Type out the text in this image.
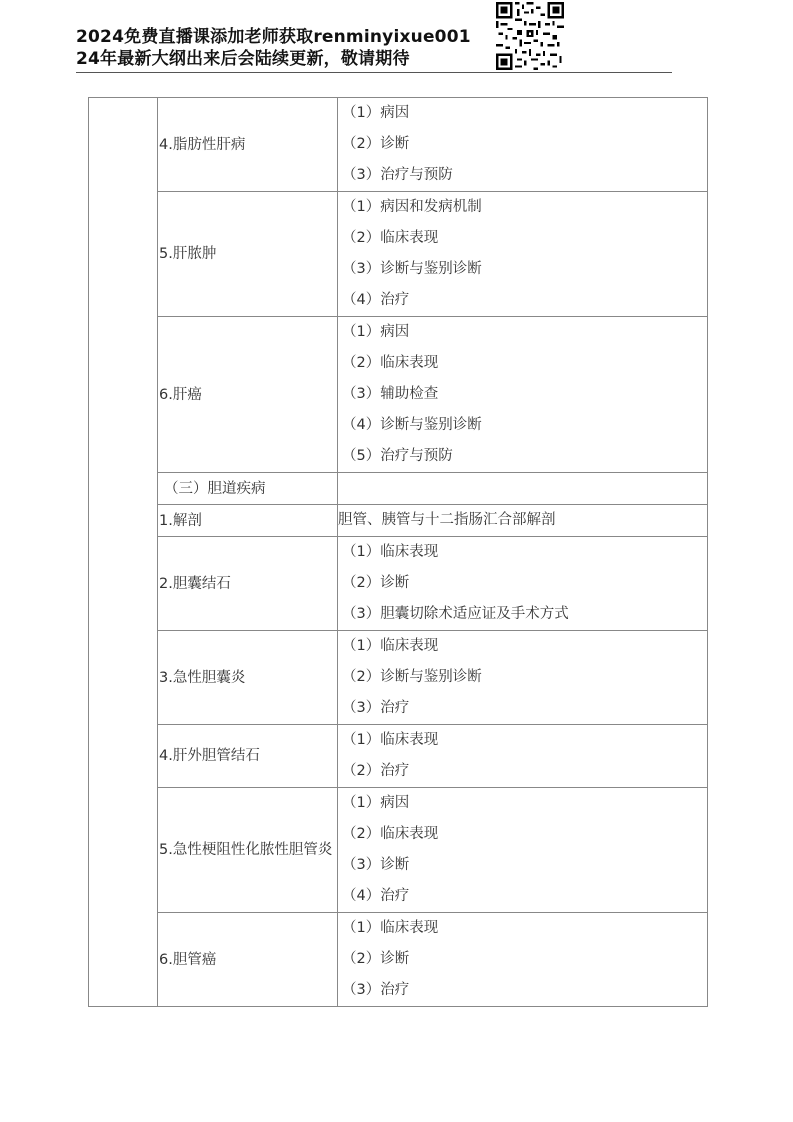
2024免费直播课添加老师获取renminyixue001
24年最新大纲出来后会陆续更新，敬请期待

	4.脂肪性肝病	（1）病因
（2）诊断
（3）治疗与预防

	5.肝脓肿	（1）病因和发病机制
（2）临床表现
（3）诊断与鉴别诊断
（4）治疗

	6.肝癌	（1）病因
（2）临床表现
（3）辅助检查
（4）诊断与鉴别诊断
（5）治疗与预防

	（三）胆道疾病	

	1.解剖	胆管、胰管与十二指肠汇合部解剖

	2.胆囊结石	（1）临床表现
（2）诊断
（3）胆囊切除术适应证及手术方式

	3.急性胆囊炎	（1）临床表现
（2）诊断与鉴别诊断
（3）治疗

	4.肝外胆管结石	（1）临床表现
（2）治疗

	5.急性梗阻性化脓性胆管炎	（1）病因
（2）临床表现
（3）诊断
（4）治疗

	6.胆管癌	（1）临床表现
（2）诊断
（3）治疗
